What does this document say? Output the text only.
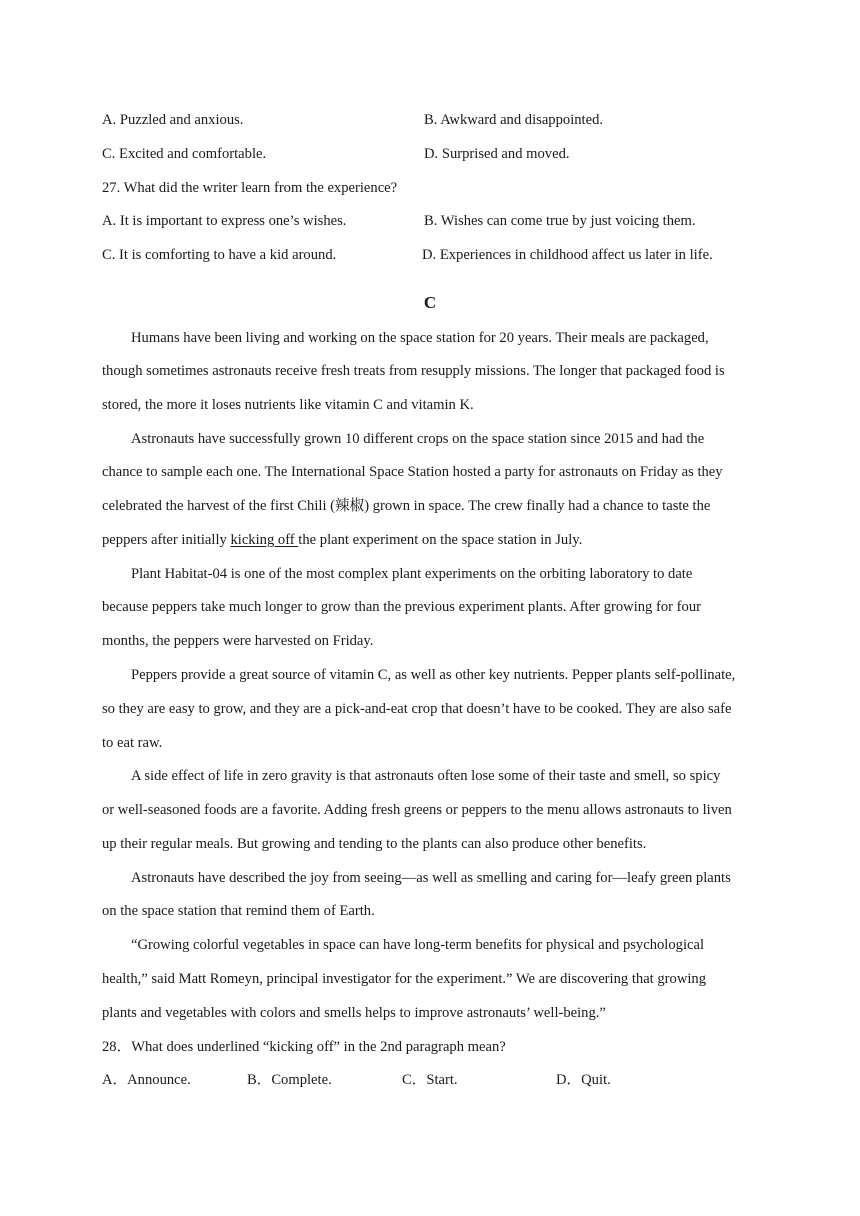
A. Puzzled and anxious.	B. Awkward and disappointed.
C. Excited and comfortable.	D. Surprised and moved.
27. What did the writer learn from the experience?
A. It is important to express one’s wishes.	B. Wishes can come true by just voicing them.
C. It is comforting to have a kid around.	D. Experiences in childhood affect us later in life.
C
Humans have been living and working on the space station for 20 years. Their meals are packaged,
though sometimes astronauts receive fresh treats from resupply missions. The longer that packaged food is
stored, the more it loses nutrients like vitamin C and vitamin K.
Astronauts have successfully grown 10 different crops on the space station since 2015 and had the
chance to sample each one. The International Space Station hosted a party for astronauts on Friday as they
celebrated the harvest of the first Chili (辣椒) grown in space. The crew finally had a chance to taste the
peppers after initially kicking off the plant experiment on the space station in July.
Plant Habitat-04 is one of the most complex plant experiments on the orbiting laboratory to date
because peppers take much longer to grow than the previous experiment plants. After growing for four
months, the peppers were harvested on Friday.
Peppers provide a great source of vitamin C, as well as other key nutrients. Pepper plants self-pollinate,
so they are easy to grow, and they are a pick-and-eat crop that doesn’t have to be cooked. They are also safe
to eat raw.
A side effect of life in zero gravity is that astronauts often lose some of their taste and smell, so spicy
or well-seasoned foods are a favorite. Adding fresh greens or peppers to the menu allows astronauts to liven
up their regular meals. But growing and tending to the plants can also produce other benefits.
Astronauts have described the joy from seeing—as well as smelling and caring for—leafy green plants
on the space station that remind them of Earth.
“Growing colorful vegetables in space can have long-term benefits for physical and psychological
health,” said Matt Romeyn, principal investigator for the experiment.” We are discovering that growing
plants and vegetables with colors and smells helps to improve astronauts’ well-being.”
28．What does underlined “kicking off” in the 2nd paragraph mean?
A．Announce.	B．Complete.	C．Start.	D．Quit.
